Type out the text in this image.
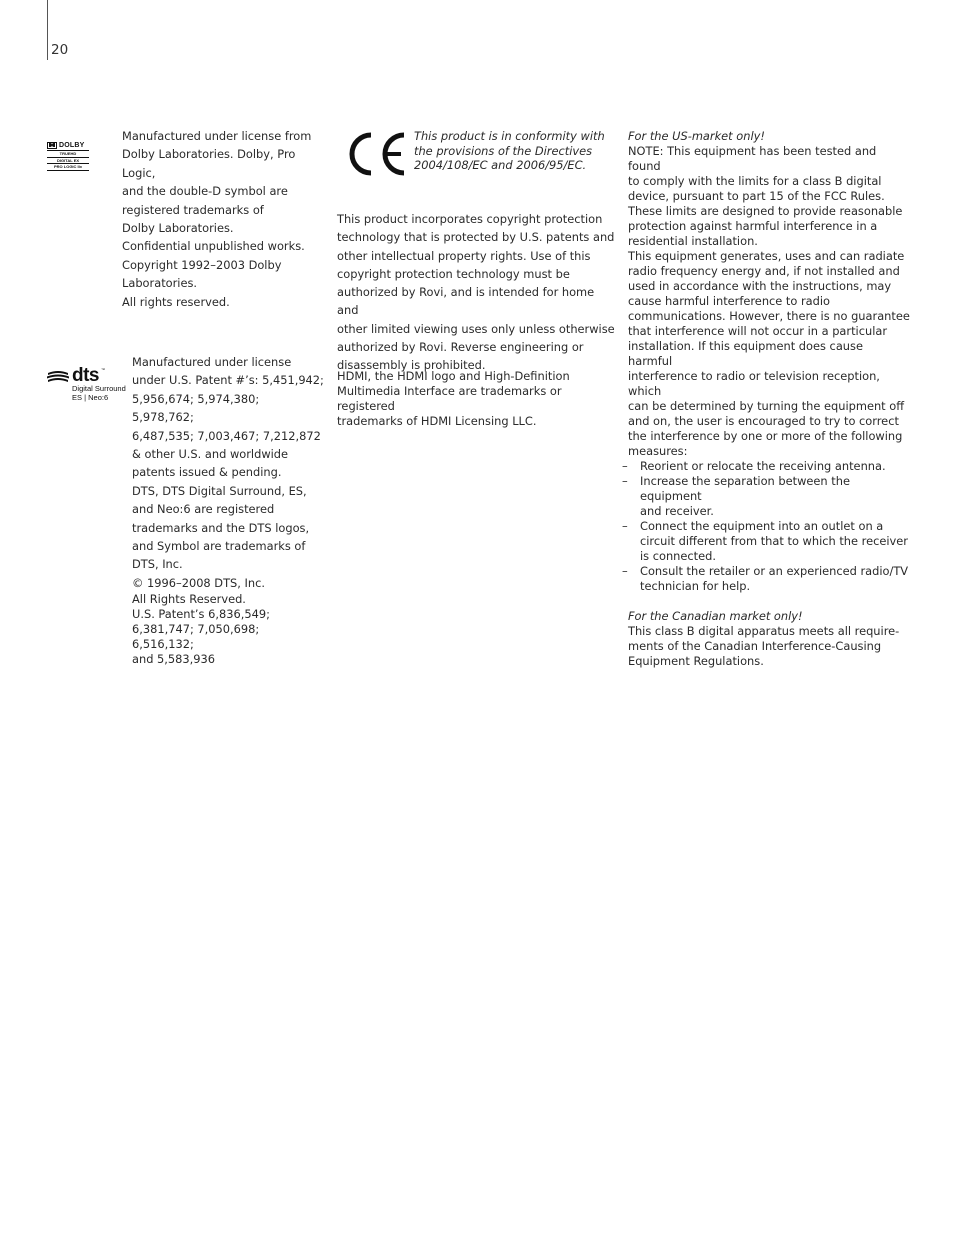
20
DOLBY
TRUEHD
DIGITAL EX
PRO LOGIC IIx
Manufactured under license from
Dolby Laboratories. Dolby, Pro Logic,
and the double-D symbol are
registered trademarks of
Dolby Laboratories.
Confidential unpublished works.
Copyright 1992–2003 Dolby
Laboratories.
All rights reserved.
dts ™
Digital Surround
ES | Neo:6
Manufactured under license
under U.S. Patent #’s: 5,451,942;
5,956,674; 5,974,380; 5,978,762;
6,487,535; 7,003,467; 7,212,872
& other U.S. and worldwide
patents issued & pending.
DTS, DTS Digital Surround, ES,
and Neo:6 are registered
trademarks and the DTS logos,
and Symbol are trademarks of
DTS, Inc.
© 1996–2008 DTS, Inc.
All Rights Reserved.
U.S. Patent’s 6,836,549;
6,381,747; 7,050,698; 6,516,132;
and 5,583,936
This product is in conformity with
the provisions of the Directives
2004/108/EC and 2006/95/EC.
This product incorporates copyright protection
technology that is protected by U.S. patents and
other intellectual property rights. Use of this
copyright protection technology must be
authorized by Rovi, and is intended for home and
other limited viewing uses only unless otherwise
authorized by Rovi. Reverse engineering or
disassembly is prohibited.
HDMI, the HDMI logo and High-Definition
Multimedia Interface are trademarks or registered
trademarks of HDMI Licensing LLC.
For the US-market only!
NOTE: This equipment has been tested and found
to comply with the limits for a class B digital
device, pursuant to part 15 of the FCC Rules.
These limits are designed to provide reasonable
protection against harmful interference in a
residential installation.
This equipment generates, uses and can radiate
radio frequency energy and, if not installed and
used in accordance with the instructions, may
cause harmful interference to radio
communications. However, there is no guarantee
that interference will not occur in a particular
installation. If this equipment does cause harmful
interference to radio or television reception, which
can be determined by turning the equipment off
and on, the user is encouraged to try to correct
the interference by one or more of the following
measures:
– Reorient or relocate the receiving antenna.
– Increase the separation between the equipment
and receiver.
– Connect the equipment into an outlet on a
circuit different from that to which the receiver
is connected.
– Consult the retailer or an experienced radio/TV
technician for help.
For the Canadian market only!
This class B digital apparatus meets all require-
ments of the Canadian Interference-Causing
Equipment Regulations.
